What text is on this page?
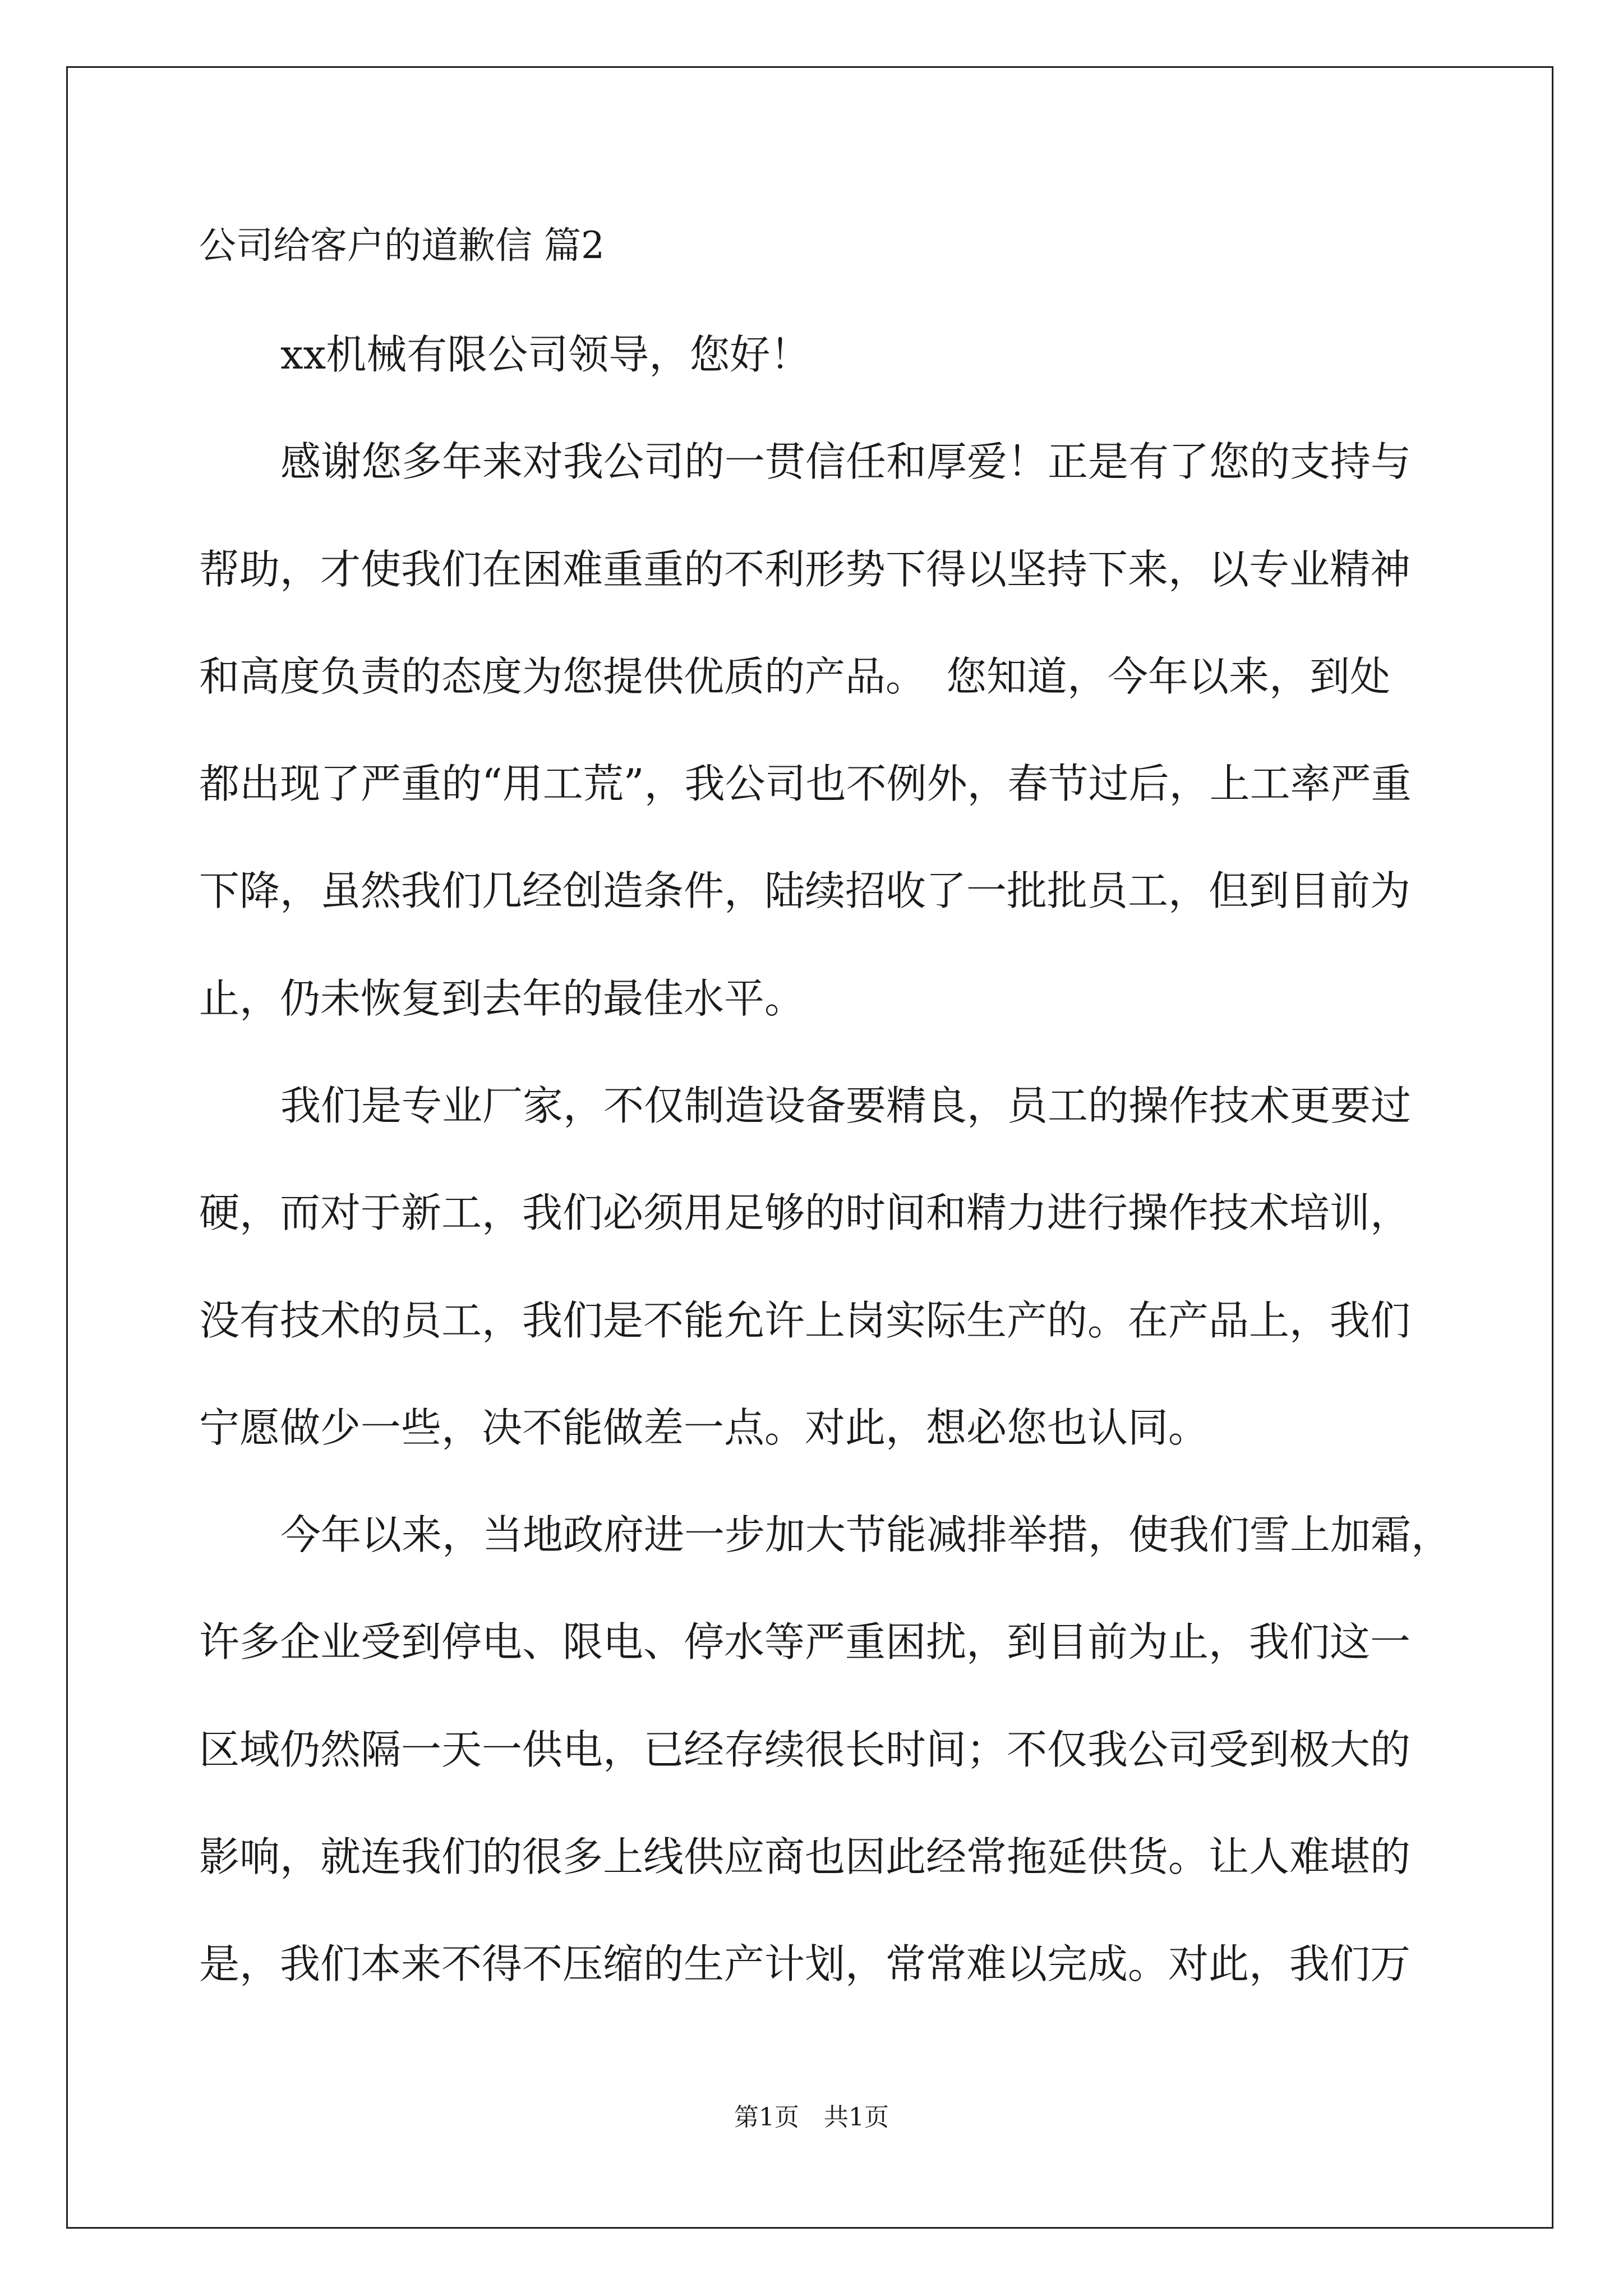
公司给客户的道歉信 篇2

xx机械有限公司领导，您好！

感谢您多年来对我公司的一贯信任和厚爱！正是有了您的支持与

帮助，才使我们在困难重重的不利形势下得以坚持下来，以专业精神

和高度负责的态度为您提供优质的产品。　您知道，今年以来，到处

都出现了严重的“用工荒”，我公司也不例外，春节过后，上工率严重

下降，虽然我们几经创造条件，陆续招收了一批批员工，但到目前为

止，仍未恢复到去年的最佳水平。

我们是专业厂家，不仅制造设备要精良，员工的操作技术更要过

硬，而对于新工，我们必须用足够的时间和精力进行操作技术培训，

没有技术的员工，我们是不能允许上岗实际生产的。在产品上，我们

宁愿做少一些，决不能做差一点。对此，想必您也认同。

今年以来，当地政府进一步加大节能减排举措，使我们雪上加霜，

许多企业受到停电、限电、停水等严重困扰，到目前为止，我们这一

区域仍然隔一天一供电，已经存续很长时间；不仅我公司受到极大的

影响，就连我们的很多上线供应商也因此经常拖延供货。让人难堪的

是，我们本来不得不压缩的生产计划，常常难以完成。对此，我们万

第1页　共1页
